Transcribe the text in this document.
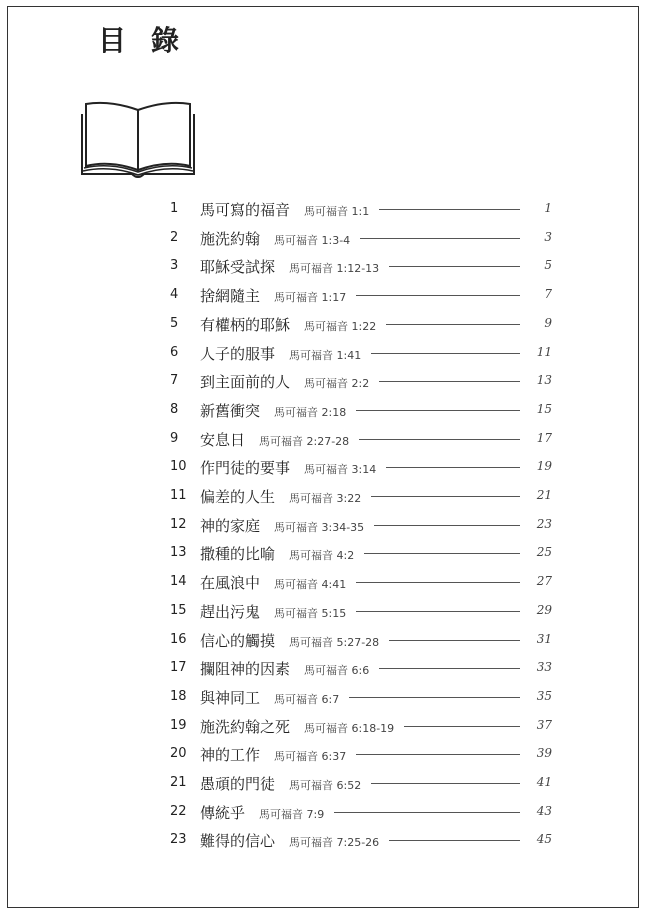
目 錄
1 馬可寫的福音 馬可福音 1:1	1
2 施洗約翰 馬可福音 1:3-4	3
3 耶穌受試探 馬可福音 1:12-13	5
4 捨網隨主 馬可福音 1:17	7
5 有權柄的耶穌 馬可福音 1:22	9
6 人子的服事 馬可福音 1:41	11
7 到主面前的人 馬可福音 2:2	13
8 新舊衝突 馬可福音 2:18	15
9 安息日 馬可福音 2:27-28	17
10 作門徒的要事 馬可福音 3:14	19
11 偏差的人生 馬可福音 3:22	21
12 神的家庭 馬可福音 3:34-35	23
13 撒種的比喻 馬可福音 4:2	25
14 在風浪中 馬可福音 4:41	27
15 趕出污鬼 馬可福音 5:15	29
16 信心的觸摸 馬可福音 5:27-28	31
17 攔阻神的因素 馬可福音 6:6	33
18 與神同工 馬可福音 6:7	35
19 施洗約翰之死 馬可福音 6:18-19	37
20 神的工作 馬可福音 6:37	39
21 愚頑的門徒 馬可福音 6:52	41
22 傳統乎 馬可福音 7:9	43
23 難得的信心 馬可福音 7:25-26	45
